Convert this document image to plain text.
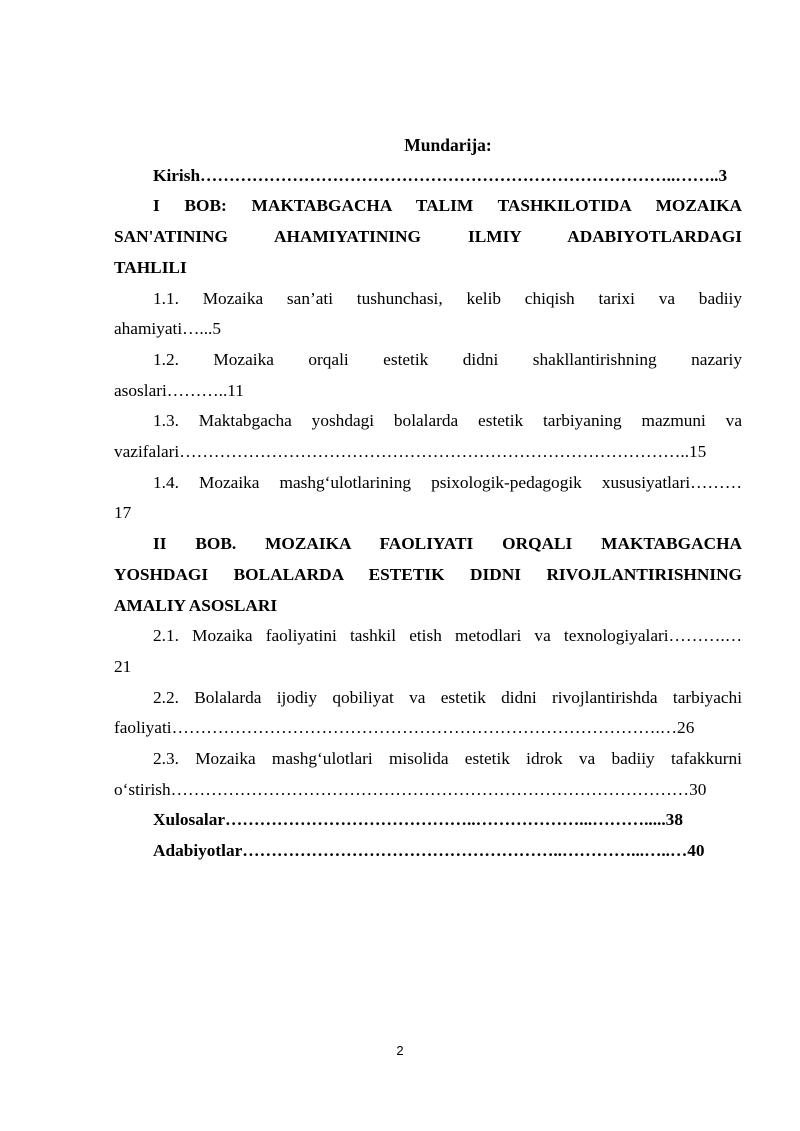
Mundarija:
Kirish………………………………………………………………………..……..3
I BOB: MAKTABGACHA TALIM TASHKILOTIDA MOZAIKA
SAN'ATINING AHAMIYATINING ILMIY ADABIYOTLARDAGI
TAHLILI
1.1. Mozaika san’ati tushunchasi, kelib chiqish tarixi va badiiy
ahamiyati…...5
1.2. Mozaika orqali estetik didni shakllantirishning nazariy
asoslari………..11
1.3. Maktabgacha yoshdagi bolalarda estetik tarbiyaning mazmuni va
vazifalari……………………………………………………………………………..15
1.4. Mozaika mashg‘ulotlarining psixologik-pedagogik xususiyatlari………
17
II BOB. MOZAIKA FAOLIYATI ORQALI MAKTABGACHA
YOSHDAGI BOLALARDA ESTETIK DIDNI RIVOJLANTIRISHNING
AMALIY ASOSLARI
2.1. Mozaika faoliyatini tashkil etish metodlari va texnologiyalari……….…
21
2.2. Bolalarda ijodiy qobiliyat va estetik didni rivojlantirishda tarbiyachi
faoliyati………………………………………………………………………….…26
2.3. Mozaika mashg‘ulotlari misolida estetik idrok va badiiy tafakkurni
o‘stirish………………………………………………………………………………30
Xulosalar……………………………………..………………...……….....38
Adabiyotlar………………………………………………..…………...…..…40
2
